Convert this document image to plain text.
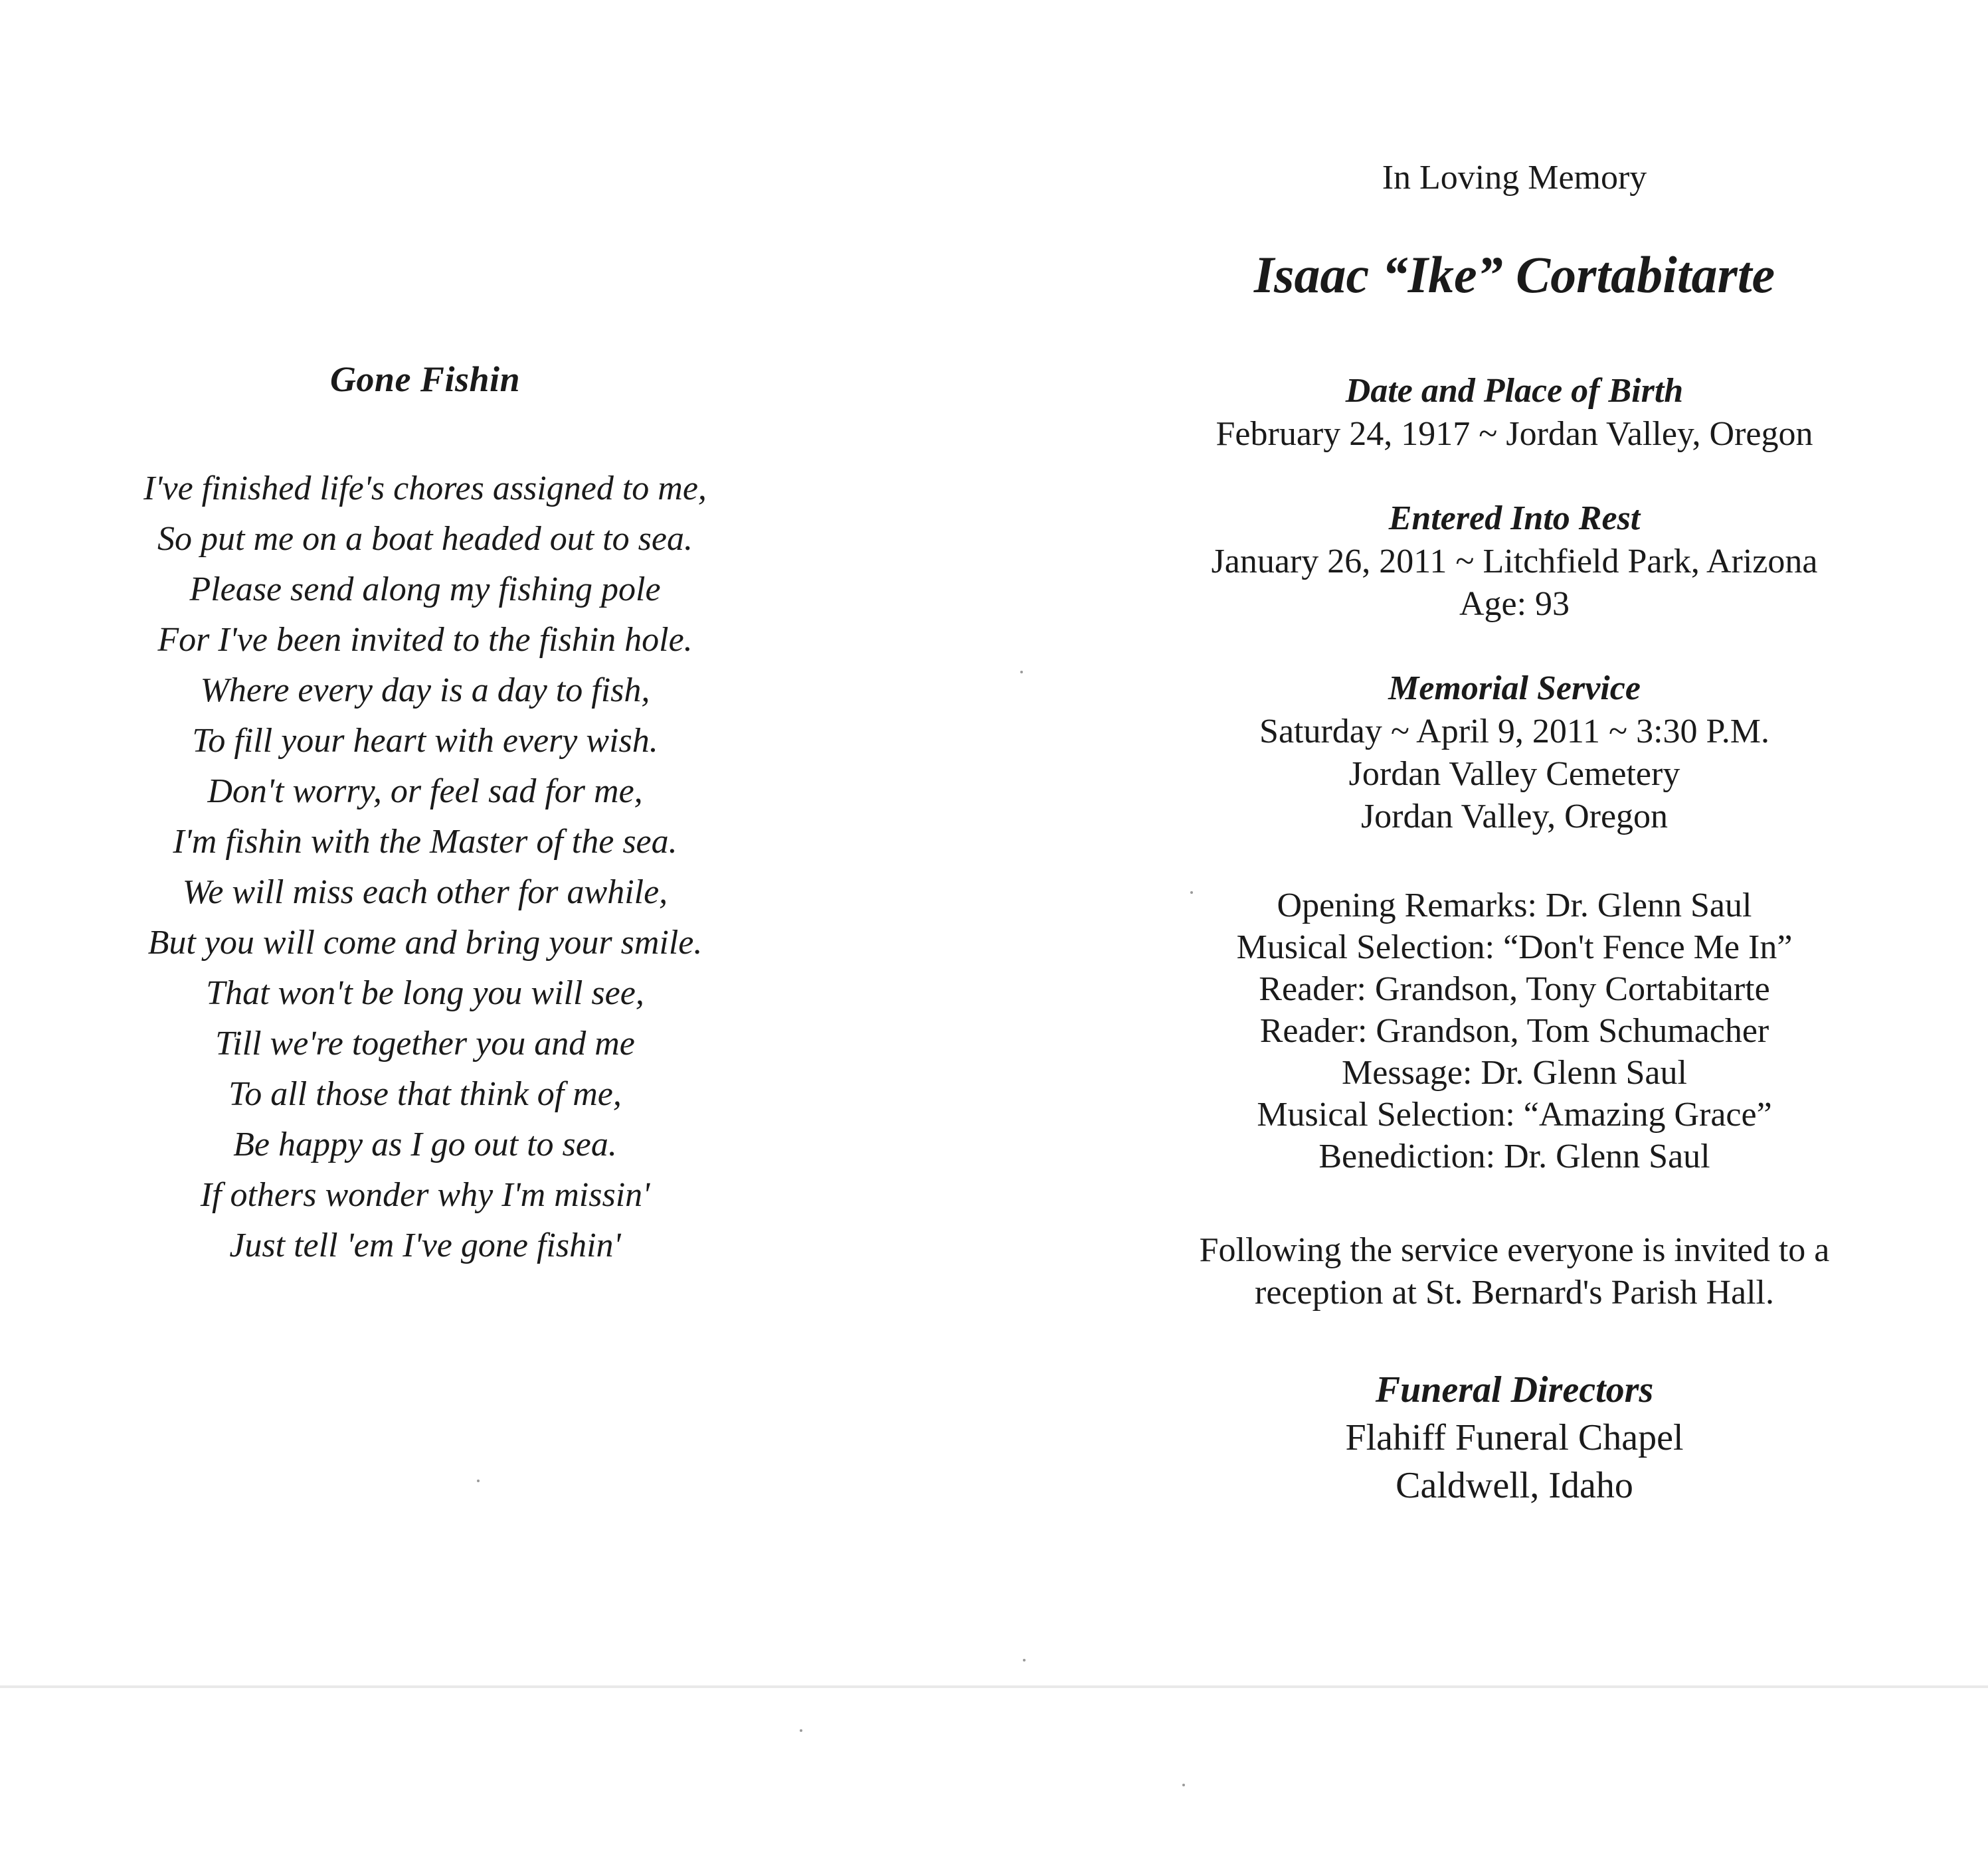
Gone Fishin
I've finished life's chores assigned to me,
So put me on a boat headed out to sea.
Please send along my fishing pole
For I've been invited to the fishin hole.
Where every day is a day to fish,
To fill your heart with every wish.
Don't worry, or feel sad for me,
I'm fishin with the Master of the sea.
We will miss each other for awhile,
But you will come and bring your smile.
That won't be long you will see,
Till we're together you and me
To all those that think of me,
Be happy as I go out to sea.
If others wonder why I'm missin'
Just tell 'em I've gone fishin'

In Loving Memory

Isaac “Ike” Cortabitarte

Date and Place of Birth

February 24, 1917 ~ Jordan Valley, Oregon

Entered Into Rest

January 26, 2011 ~ Litchfield Park, Arizona

Age: 93

Memorial Service

Saturday ~ April 9, 2011 ~ 3:30 P.M.

Jordan Valley Cemetery

Jordan Valley, Oregon

Opening Remarks: Dr. Glenn Saul

Musical Selection: “Don't Fence Me In”

Reader: Grandson, Tony Cortabitarte

Reader: Grandson, Tom Schumacher

Message: Dr. Glenn Saul

Musical Selection: “Amazing Grace”

Benediction: Dr. Glenn Saul

Following the service everyone is invited to a

reception at St. Bernard's Parish Hall.

Funeral Directors

Flahiff Funeral Chapel

Caldwell, Idaho
